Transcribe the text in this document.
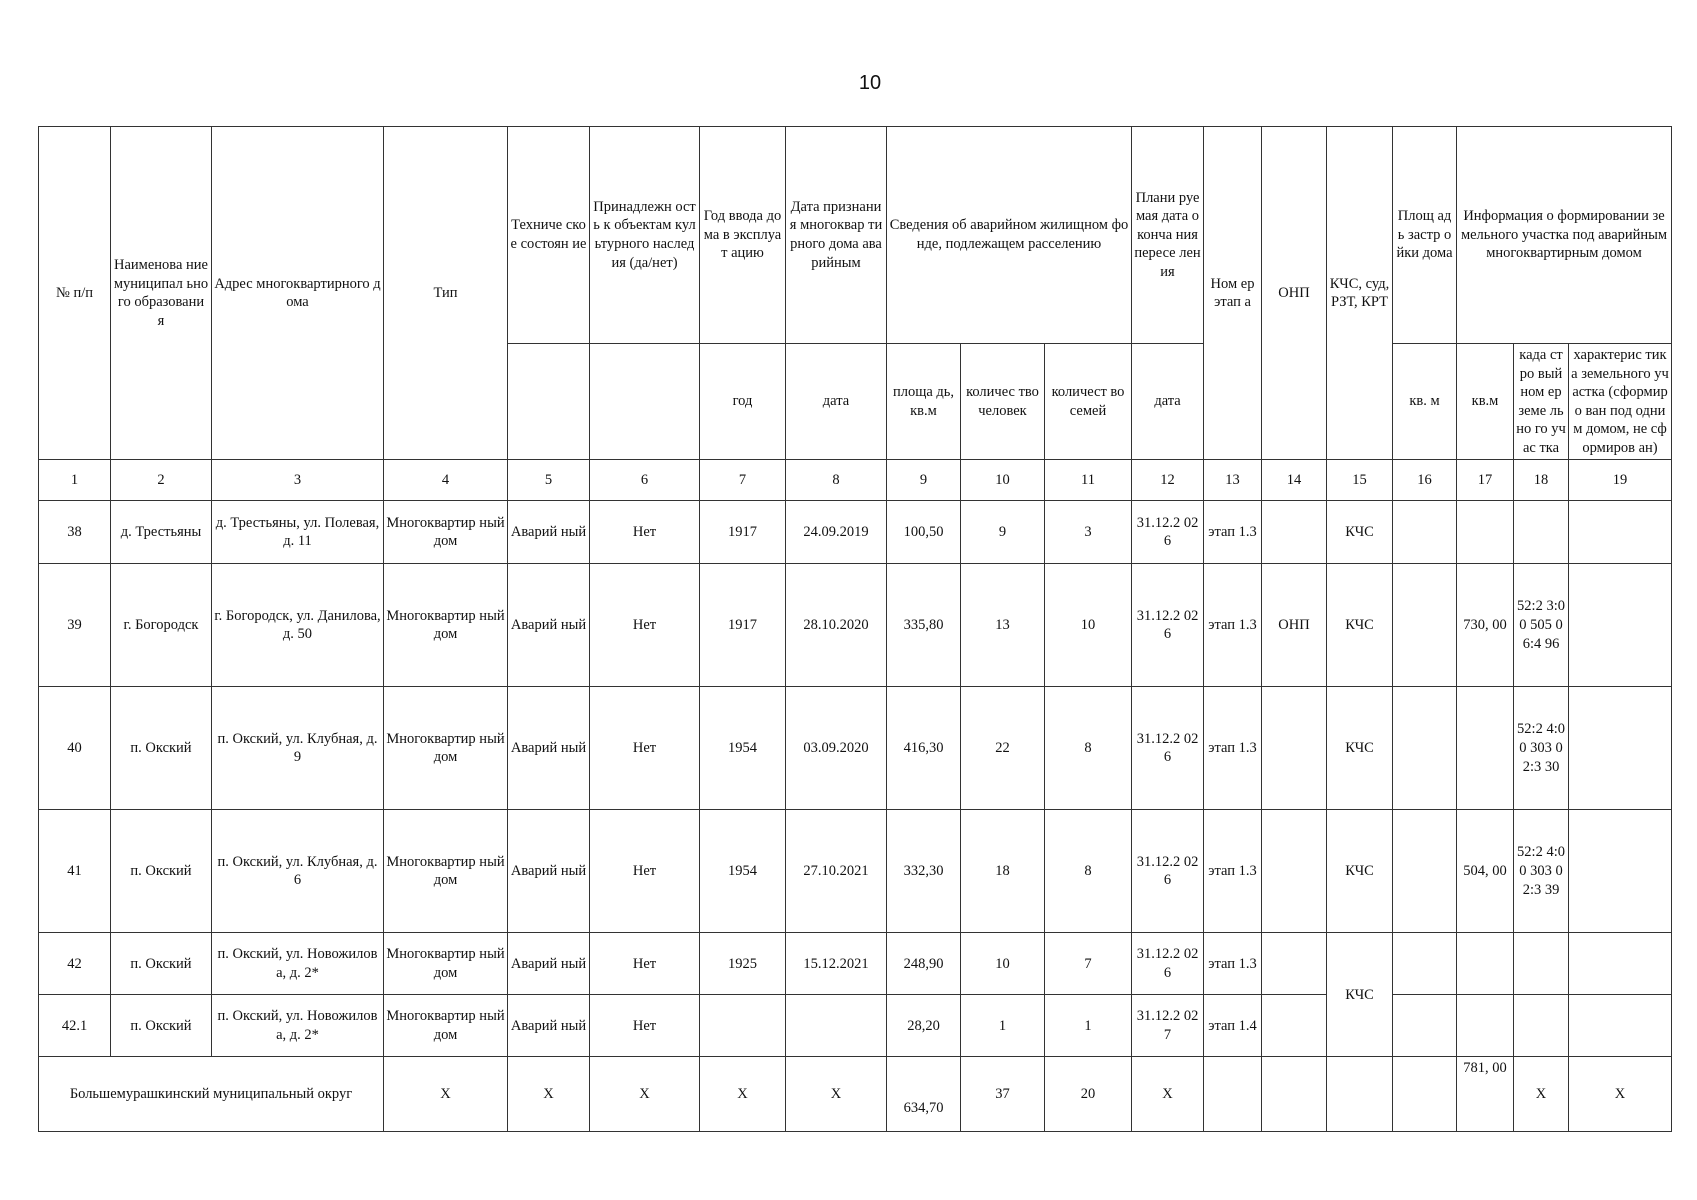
10
№ п/п	Наименова ние муниципал ьного образовани я	Адрес многоквартирного дома	Тип	Техниче ское состоян ие	Принадлежн ость к объектам культурного наследия (да/нет)	Год ввода дома в эксплуат ацию	Дата признания многоквар тирного дома аварийным	Сведения об аварийном жилищном фонде, подлежащем расселению			Плани руемая дата оконча ния пересе ления	Ном ер этап а	ОНП	КЧС, суд, РЗТ, КРТ	Площ адь застр ойки дома	Информация о формировании земельного участка под аварийным многоквартирным домом		
						год	дата	площа дь, кв.м	количес тво человек	количест во семей	дата				кв. м	кв.м	када стро вый ном ер земе льно го учас тка	характерис тика земельного участка (сформиро ван под одним домом, не сформиров ан)
1	2	3	4	5	6	7	8	9	10	11	12	13	14	15	16	17	18	19
38	д. Трестьяны	д. Трестьяны, ул. Полевая, д. 11	Многоквартир ный дом	Аварий ный	Нет	1917	24.09.2019	100,50	9	3	31.12.2 026	этап 1.3		КЧС				
39	г. Богородск	г. Богородск, ул. Данилова, д. 50	Многоквартир ный дом	Аварий ный	Нет	1917	28.10.2020	335,80	13	10	31.12.2 026	этап 1.3	ОНП	КЧС		730, 00	52:2 3:00 505 06:4 96	
40	п. Окский	п. Окский, ул. Клубная, д. 9	Многоквартир ный дом	Аварий ный	Нет	1954	03.09.2020	416,30	22	8	31.12.2 026	этап 1.3		КЧС			52:2 4:00 303 02:3 30	
41	п. Окский	п. Окский, ул. Клубная, д. 6	Многоквартир ный дом	Аварий ный	Нет	1954	27.10.2021	332,30	18	8	31.12.2 026	этап 1.3		КЧС		504, 00	52:2 4:00 303 02:3 39	
42	п. Окский	п. Окский, ул. Новожилова, д. 2*	Многоквартир ный дом	Аварий ный	Нет	1925	15.12.2021	248,90	10	7	31.12.2 026	этап 1.3		КЧС				
42.1	п. Окский	п. Окский, ул. Новожилова, д. 2*	Многоквартир ный дом	Аварий ный	Нет			28,20	1	1	31.12.2 027	этап 1.4						
Большемурашкинский муниципальный округ			X	X	X	X	X	634,70	37	20	X					781, 00	X	X
